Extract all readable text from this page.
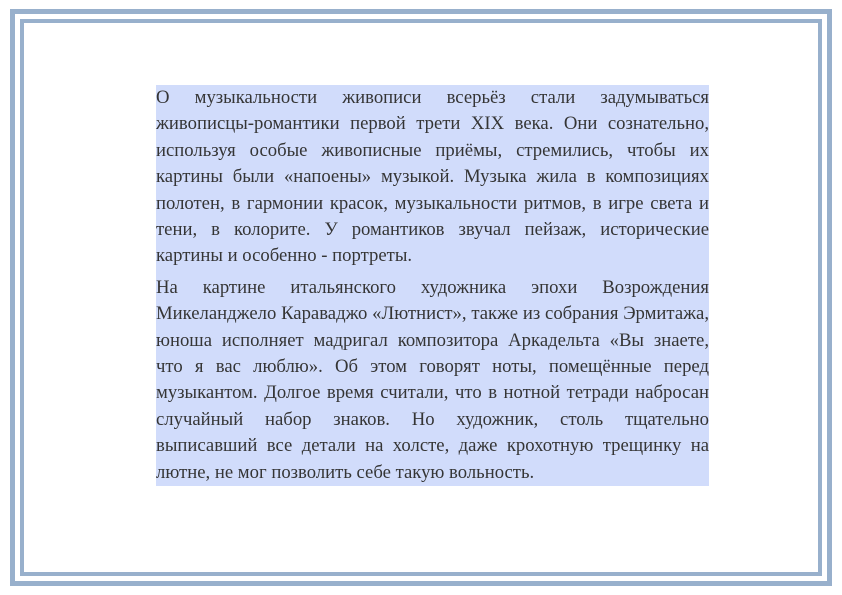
О музыкальности живописи всерьёз стали задумываться живописцы-романтики первой трети XIX века. Они сознательно, используя особые живописные приёмы, стремились, чтобы их картины были «напоены» музыкой. Музыка жила в композициях полотен, в гармонии красок, музыкальности ритмов, в игре света и тени, в колорите. У романтиков звучал пейзаж, исторические картины и особенно - портреты.

На картине итальянского художника эпохи Возрождения Микеланджело Караваджо «Лютнист», также из собрания Эрмитажа, юноша исполняет мадригал композитора Аркадельта «Вы знаете, что я вас люблю». Об этом говорят ноты, помещённые перед музыкантом. Долгое время считали, что в нотной тетради набросан случайный набор знаков. Но художник, столь тщательно выписавший все детали на холсте, даже крохотную трещинку на лютне, не мог позволить себе такую вольность.
